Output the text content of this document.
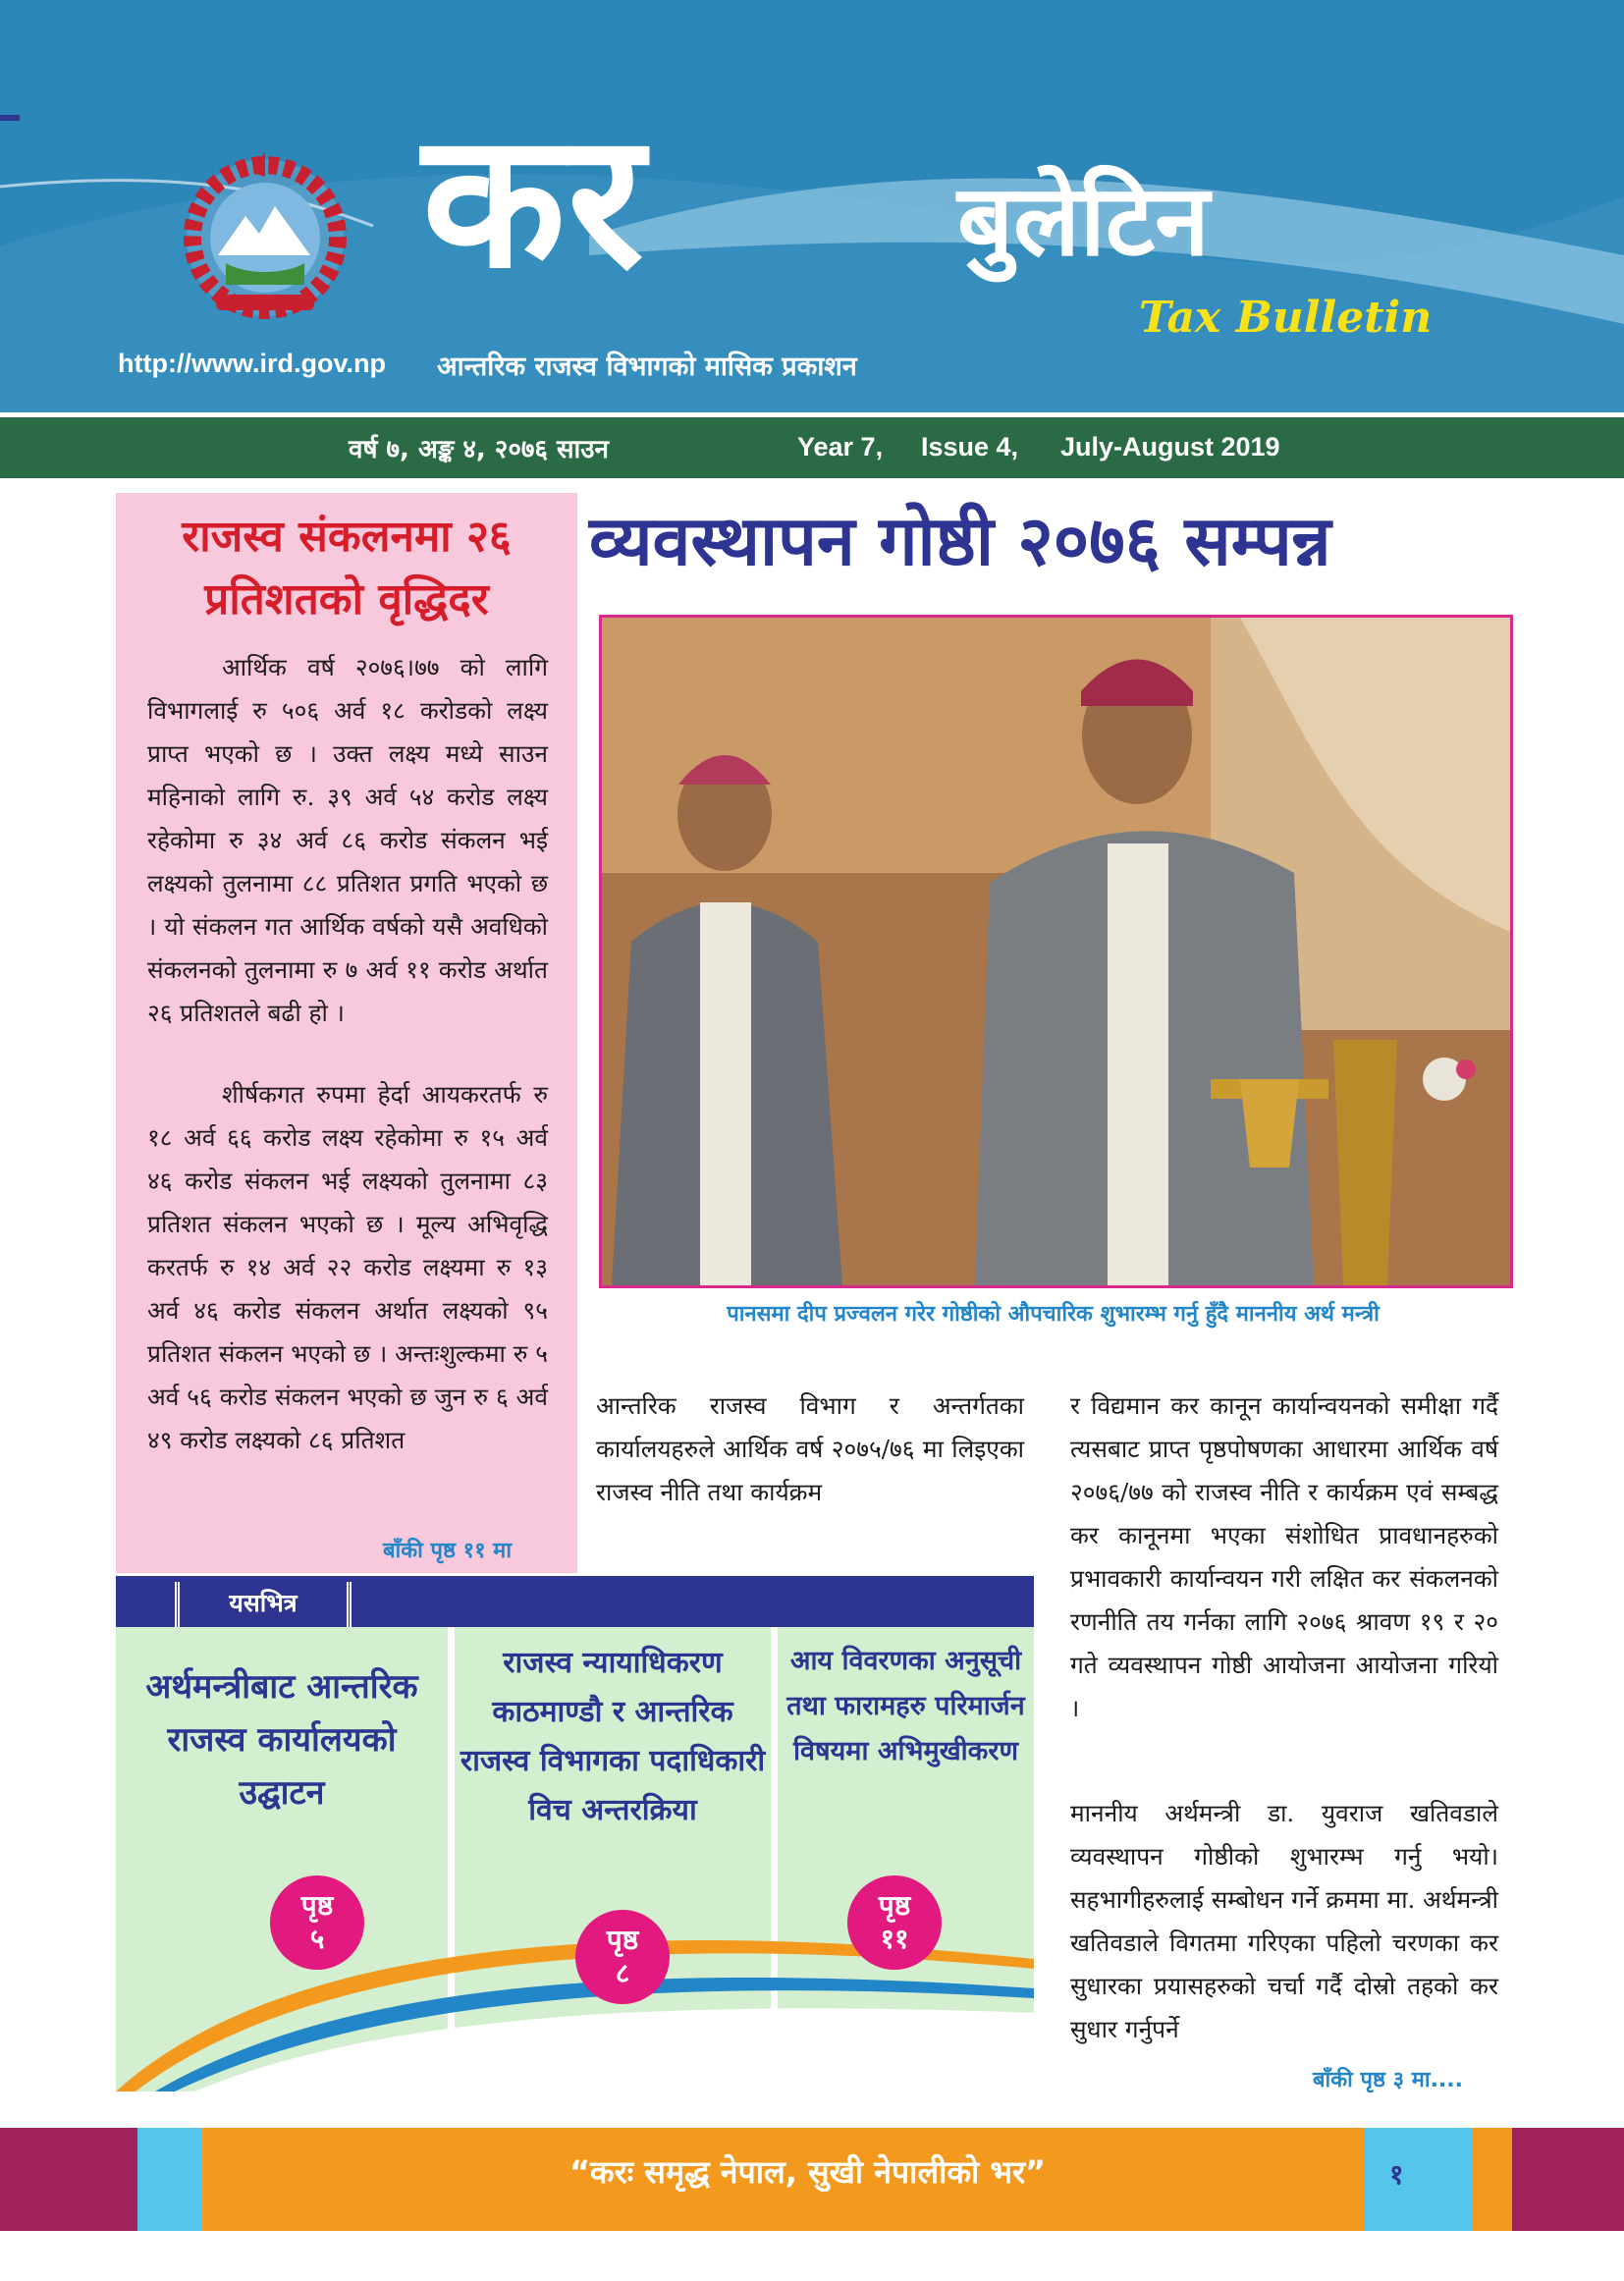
कर	बुलेटिन
Tax Bulletin
http://www.ird.gov.np आन्तरिक राजस्व विभागको मासिक प्रकाशन
वर्ष ७, अङ्क ४, २०७६ साउन	Year 7, Issue 4, July-August 2019
राजस्व संकलनमा २६ प्रतिशतको वृद्धिदर
आर्थिक वर्ष २०७६।७७ को लागि विभागलाई रु ५०६ अर्व १८ करोडको लक्ष्य प्राप्त भएको छ । उक्त लक्ष्य मध्ये साउन महिनाको लागि रु. ३९ अर्व ५४ करोड लक्ष्य रहेकोमा रु ३४ अर्व ८६ करोड संकलन भई लक्ष्यको तुलनामा ८८ प्रतिशत प्रगति भएको छ । यो संकलन गत आर्थिक वर्षको यसै अवधिको संकलनको तुलनामा रु ७ अर्व ११ करोड अर्थात २६ प्रतिशतले बढी हो ।
शीर्षकगत रुपमा हेर्दा आयकरतर्फ रु १८ अर्व ६६ करोड लक्ष्य रहेकोमा रु १५ अर्व ४६ करोड संकलन भई लक्ष्यको तुलनामा ८३ प्रतिशत संकलन भएको छ । मूल्य अभिवृद्धि करतर्फ रु १४ अर्व २२ करोड लक्ष्यमा रु १३ अर्व ४६ करोड संकलन अर्थात लक्ष्यको ९५ प्रतिशत संकलन भएको छ । अन्तःशुल्कमा रु ५ अर्व ५६ करोड संकलन भएको छ जुन रु ६ अर्व ४९ करोड लक्ष्यको ८६ प्रतिशत
बाँकी पृष्ठ ११ मा
व्यवस्थापन गोष्ठी २०७६ सम्पन्न
पानसमा दीप प्रज्वलन गरेर गोष्ठीको औपचारिक शुभारम्भ गर्नु हुँदै माननीय अर्थ मन्त्री
आन्तरिक राजस्व विभाग र अन्तर्गतका कार्यालयहरुले आर्थिक वर्ष २०७५/७६ मा लिइएका राजस्व नीति तथा कार्यक्रम
र विद्यमान कर कानून कार्यान्वयनको समीक्षा गर्दै त्यसबाट प्राप्त पृष्ठपोषणका आधारमा आर्थिक वर्ष २०७६/७७ को राजस्व नीति र कार्यक्रम एवं सम्बद्ध कर कानूनमा भएका संशोधित प्रावधानहरुको प्रभावकारी कार्यान्वयन गरी लक्षित कर संकलनको रणनीति तय गर्नका लागि २०७६ श्रावण १९ र २० गते व्यवस्थापन गोष्ठी आयोजना आयोजना गरियो ।
माननीय अर्थमन्त्री डा. युवराज खतिवडाले व्यवस्थापन गोष्ठीको शुभारम्भ गर्नु भयो। सहभागीहरुलाई सम्बोधन गर्ने क्रममा मा. अर्थमन्त्री खतिवडाले विगतमा गरिएका पहिलो चरणका कर सुधारका प्रयासहरुको चर्चा गर्दै दोस्रो तहको कर सुधार गर्नुपर्ने
बाँकी पृष्ठ ३ मा....
यसभित्र
अर्थमन्त्रीबाट आन्तरिक राजस्व कार्यालयको उद्घाटन
राजस्व न्यायाधिकरण काठमाण्डौ र आन्तरिक राजस्व विभागका पदाधिकारी विच अन्तरक्रिया
आय विवरणका अनुसूची तथा फारामहरु परिमार्जन विषयमा अभिमुखीकरण
पृष्ठ
५	पृष्ठ
८
पृष्ठ
११
“करः समृद्ध नेपाल, सुखी नेपालीको भर”	१
